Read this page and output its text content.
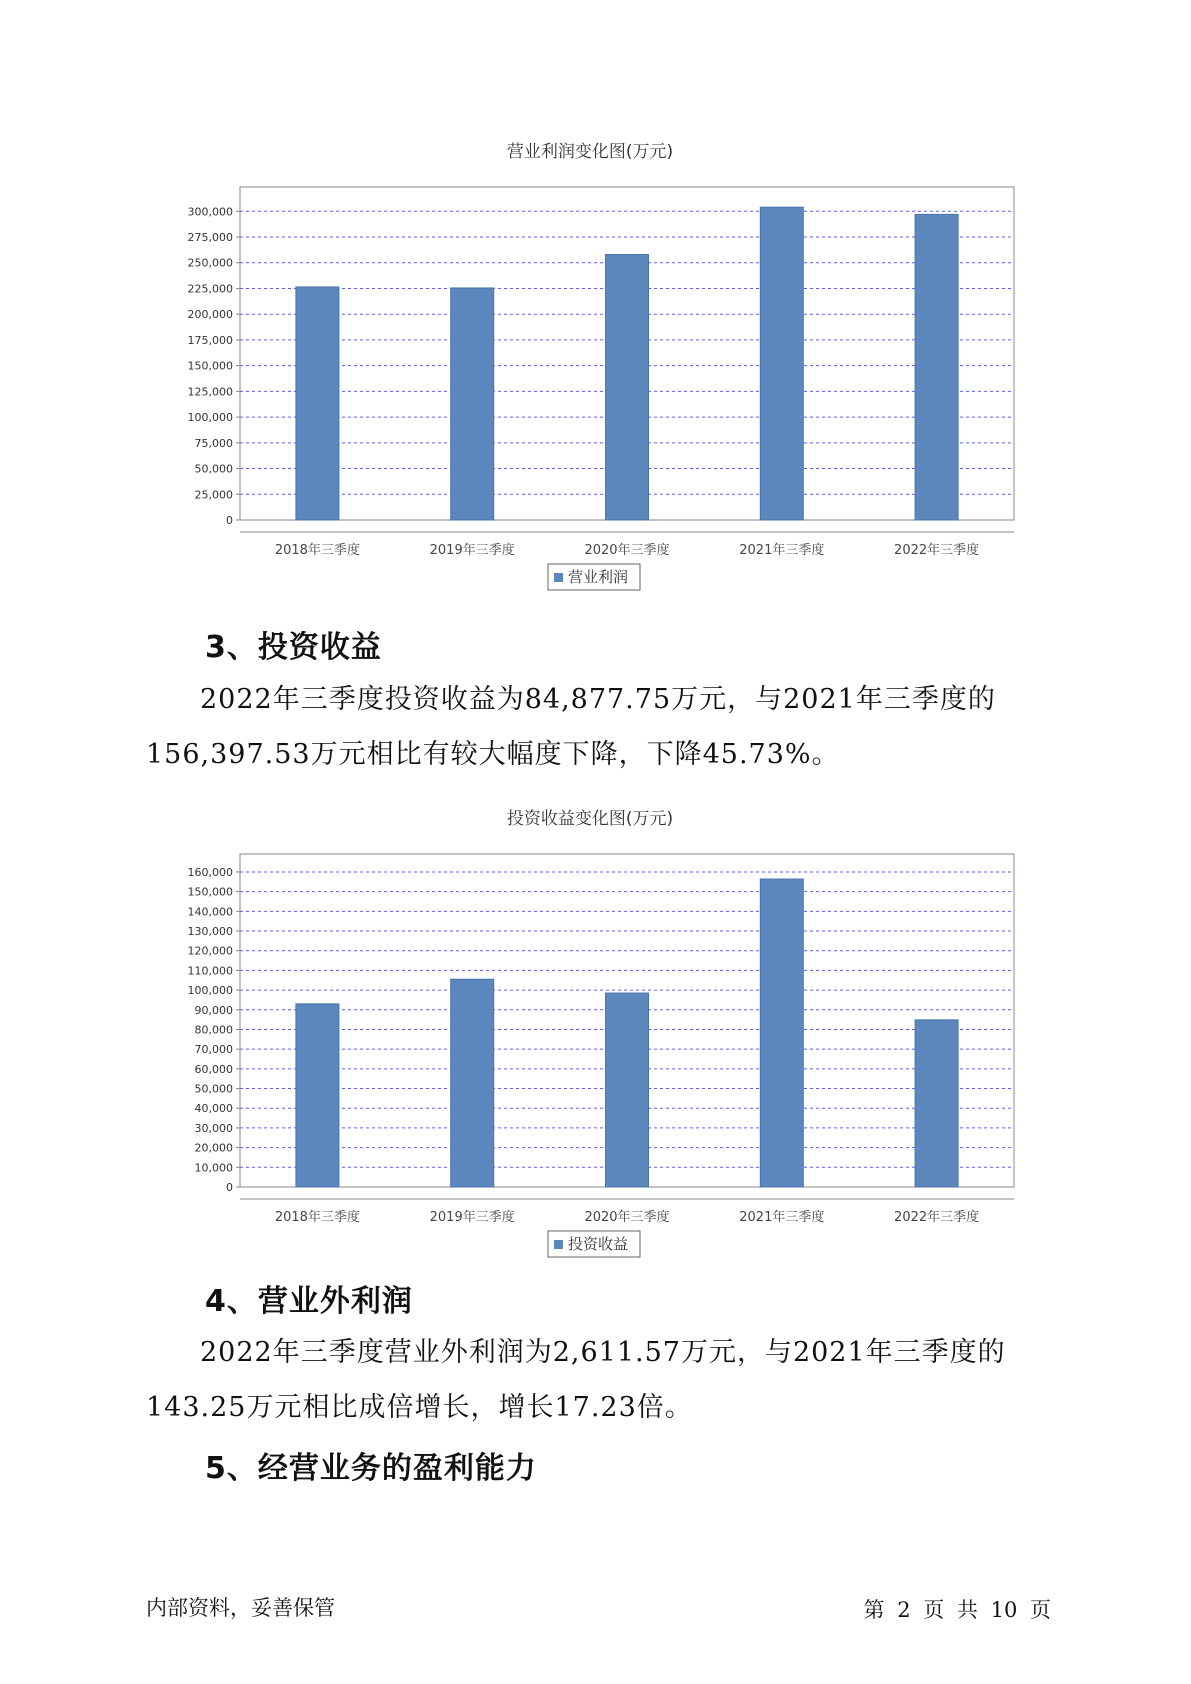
营业利润变化图(万元)
0
25,000
50,000
75,000
100,000
125,000
150,000
175,000
200,000
225,000
250,000
275,000
300,000
2018年三季度	2019年三季度	2020年三季度	2021年三季度	2022年三季度
营业利润
3、投资收益

2022年三季度投资收益为84,877.75万元，与2021年三季度的156,397.53万元相比有较大幅度下降，下降45.73%。

投资收益变化图(万元)
0
10,000
20,000
30,000
40,000
50,000
60,000
70,000
80,000
90,000
100,000
110,000
120,000
130,000
140,000
150,000
160,000
2018年三季度	2019年三季度	2020年三季度	2021年三季度	2022年三季度
投资收益
4、营业外利润

2022年三季度营业外利润为2,611.57万元，与2021年三季度的143.25万元相比成倍增长，增长17.23倍。

5、经营业务的盈利能力
内部资料，妥善保管	第 2 页 共 10 页
